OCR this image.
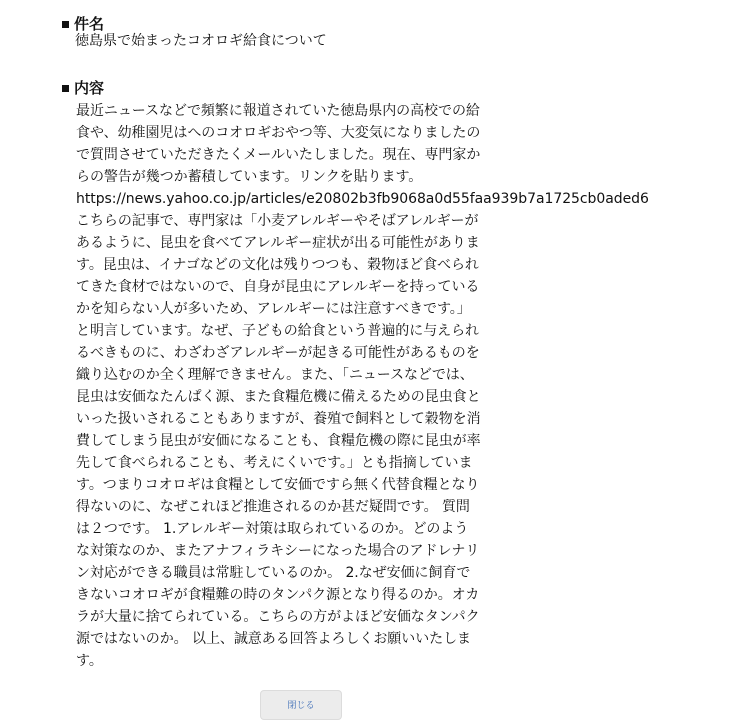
件名
徳島県で始まったコオロギ給食について
内容
最近ニュースなどで頻繁に報道されていた徳島県内の高校での給
食や、幼稚園児はへのコオロギおやつ等、大変気になりましたの
で質問させていただきたくメールいたしました。現在、専門家か
らの警告が幾つか蓄積しています。リンクを貼ります。
https://news.yahoo.co.jp/articles/e20802b3fb9068a0d55faa939b7a1725cb0aded6
こちらの記事で、専門家は「小麦アレルギーやそばアレルギーが
あるように、昆虫を食べてアレルギー症状が出る可能性がありま
す。昆虫は、イナゴなどの文化は残りつつも、穀物ほど食べられ
てきた食材ではないので、自身が昆虫にアレルギーを持っている
かを知らない人が多いため、アレルギーには注意すべきです。」
と明言しています。なぜ、子どもの給食という普遍的に与えられ
るべきものに、わざわざアレルギーが起きる可能性があるものを
織り込むのか全く理解できません。また、「ニュースなどでは、
昆虫は安価なたんぱく源、また食糧危機に備えるための昆虫食と
いった扱いされることもありますが、養殖で飼料として穀物を消
費してしまう昆虫が安価になることも、食糧危機の際に昆虫が率
先して食べられることも、考えにくいです。」とも指摘していま
す。つまりコオロギは食糧として安価ですら無く代替食糧となり
得ないのに、なぜこれほど推進されるのか甚だ疑問です。 質問
は２つです。 1.アレルギー対策は取られているのか。どのよう
な対策なのか、またアナフィラキシーになった場合のアドレナリ
ン対応ができる職員は常駐しているのか。 2.なぜ安価に飼育で
きないコオロギが食糧難の時のタンパク源となり得るのか。オカ
ラが大量に捨てられている。こちらの方がよほど安価なタンパク
源ではないのか。 以上、誠意ある回答よろしくお願いいたしま
す。
閉じる
